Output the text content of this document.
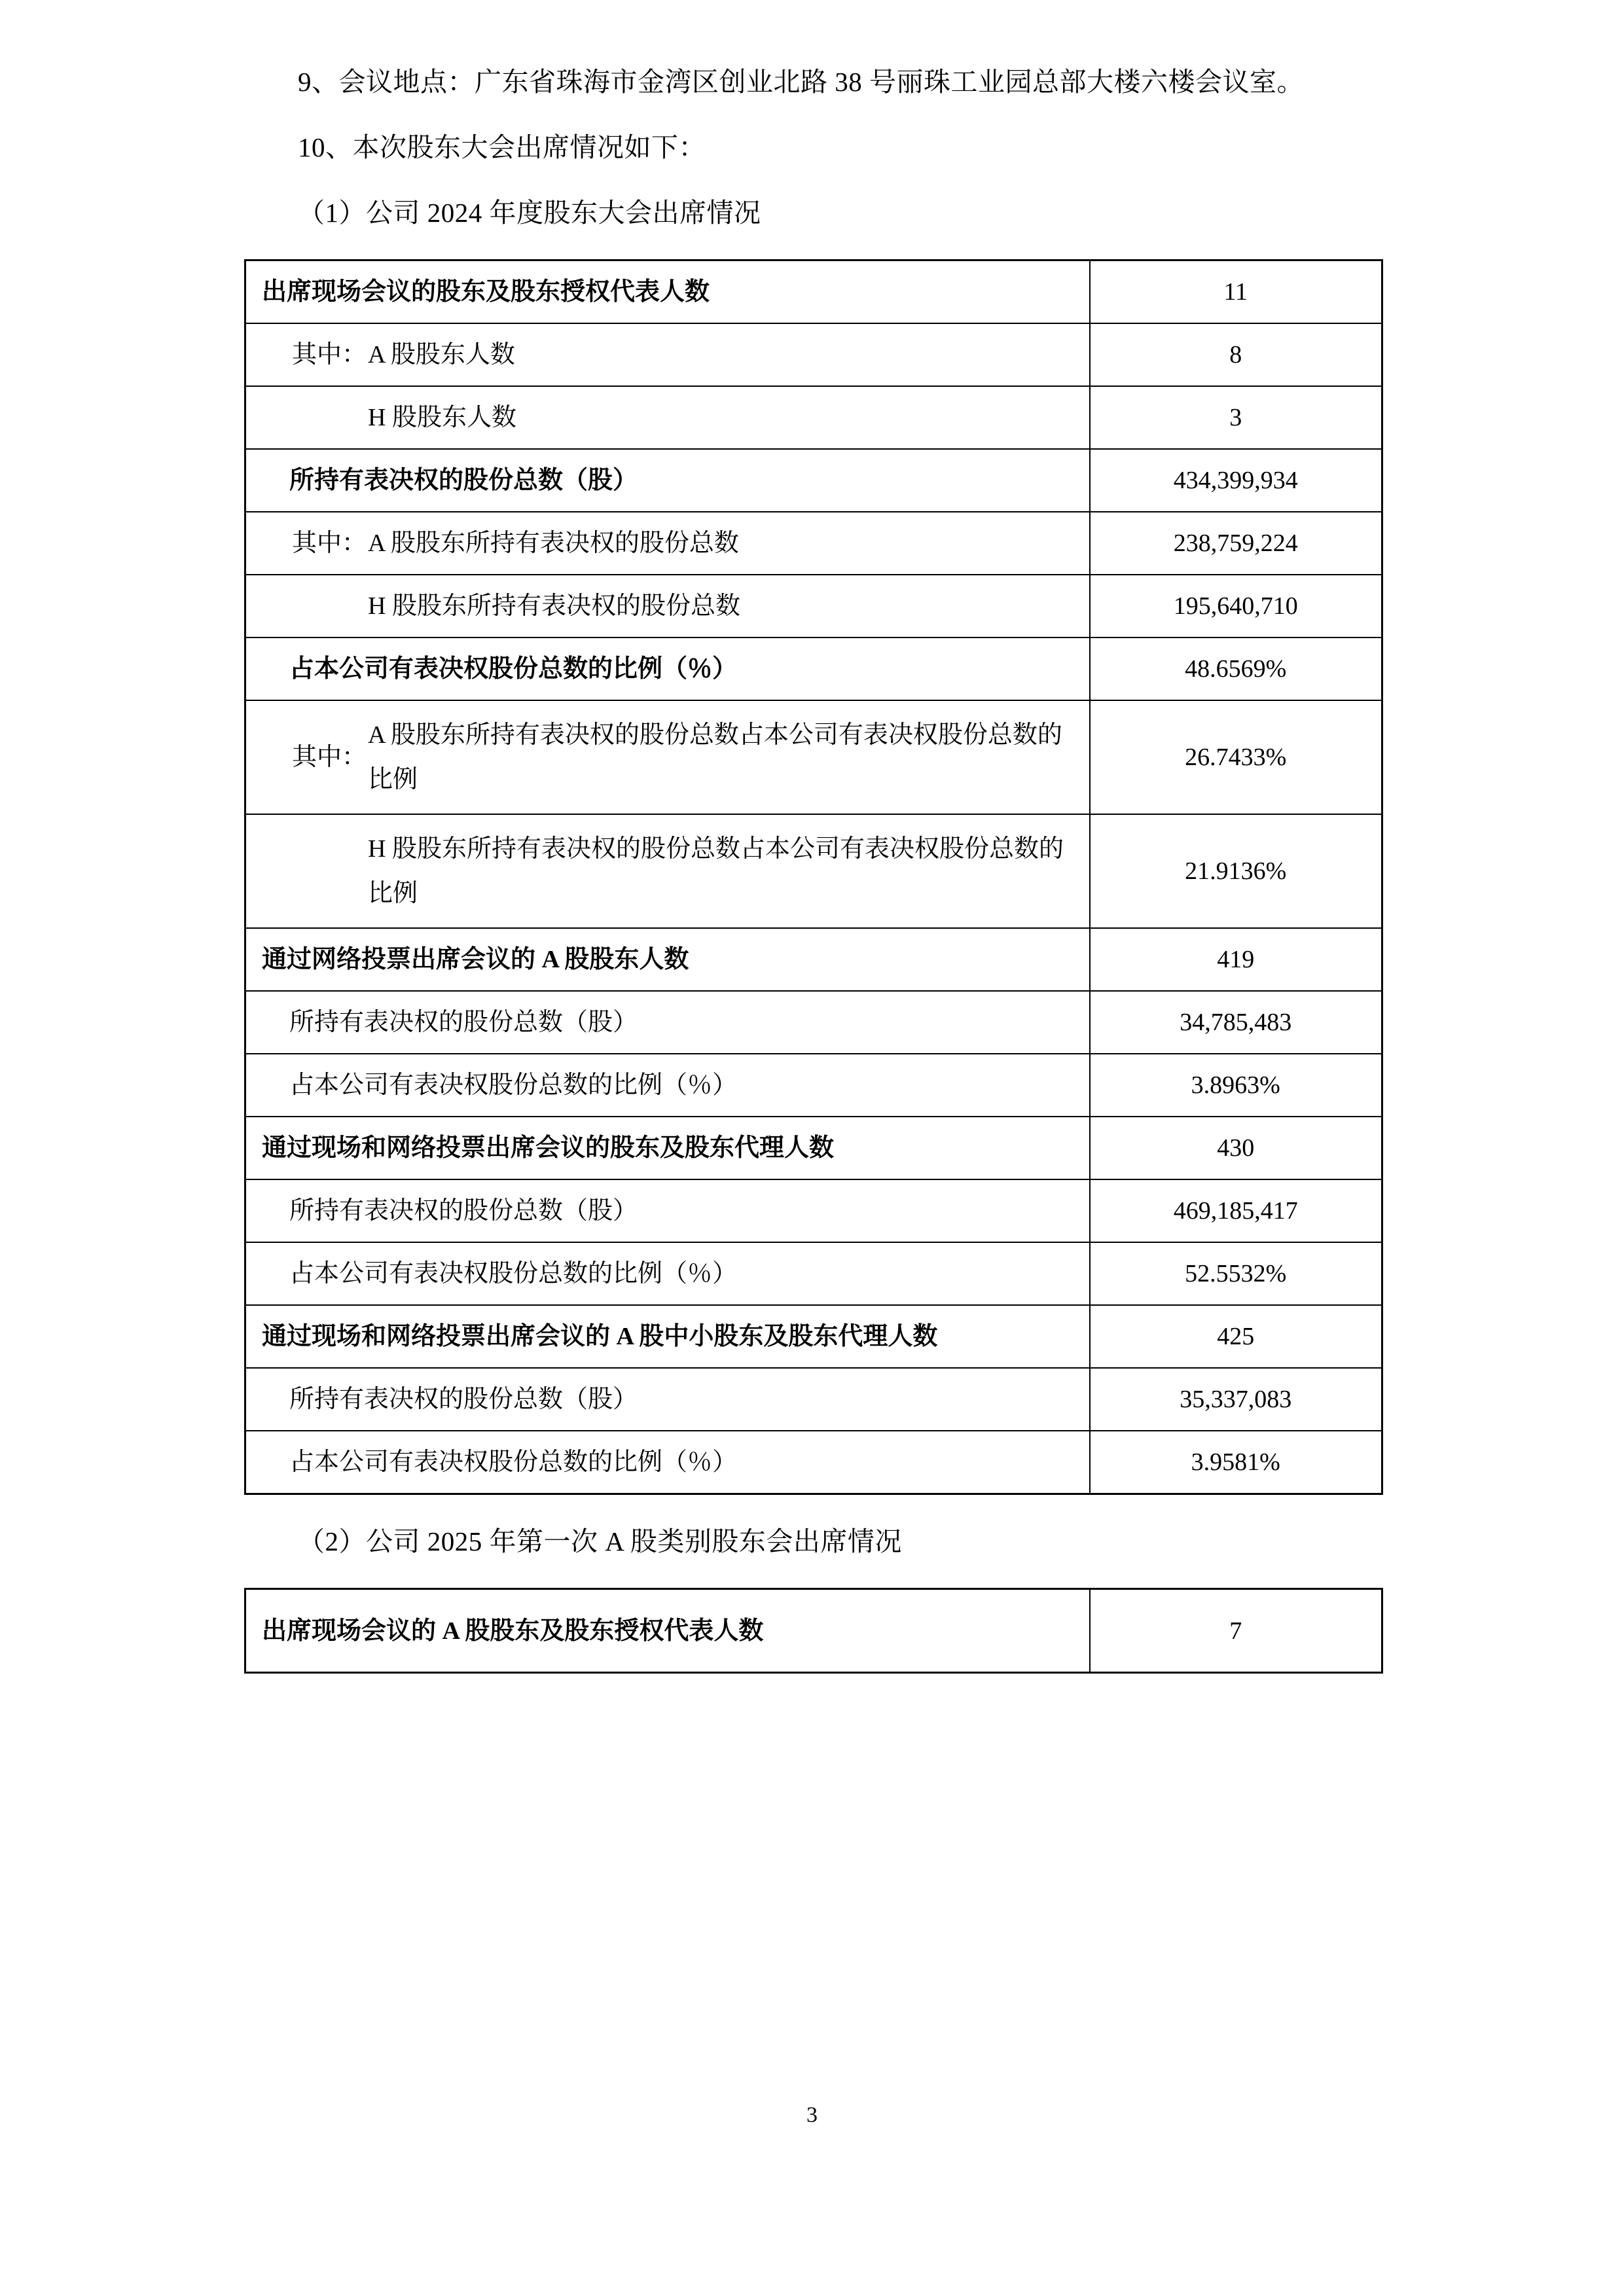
9、会议地点：广东省珠海市金湾区创业北路 38 号丽珠工业园总部大楼六楼会议室。

10、本次股东大会出席情况如下：

（1）公司 2024 年度股东大会出席情况

出席现场会议的股东及股东授权代表人数	11

其中： A 股股东人数	8

H 股股东人数	3

所持有表决权的股份总数（股）	434,399,934

其中： A 股股东所持有表决权的股份总数	238,759,224

H 股股东所持有表决权的股份总数	195,640,710

占本公司有表决权股份总数的比例（％）	48.6569%

其中：
A 股股东所持有表决权的股份总数占本公司有表决权股份总数的比例	26.7433%

H 股股东所持有表决权的股份总数占本公司有表决权股份总数的比例	21.9136%

通过网络投票出席会议的 A 股股东人数	419

所持有表决权的股份总数（股）	34,785,483

占本公司有表决权股份总数的比例（％）	3.8963%

通过现场和网络投票出席会议的股东及股东代理人数	430

所持有表决权的股份总数（股）	469,185,417

占本公司有表决权股份总数的比例（％）	52.5532%

通过现场和网络投票出席会议的 A 股中小股东及股东代理人数	425

所持有表决权的股份总数（股）	35,337,083

占本公司有表决权股份总数的比例（％）	3.9581%

（2）公司 2025 年第一次 A 股类别股东会出席情况

出席现场会议的 A 股股东及股东授权代表人数	7
3
